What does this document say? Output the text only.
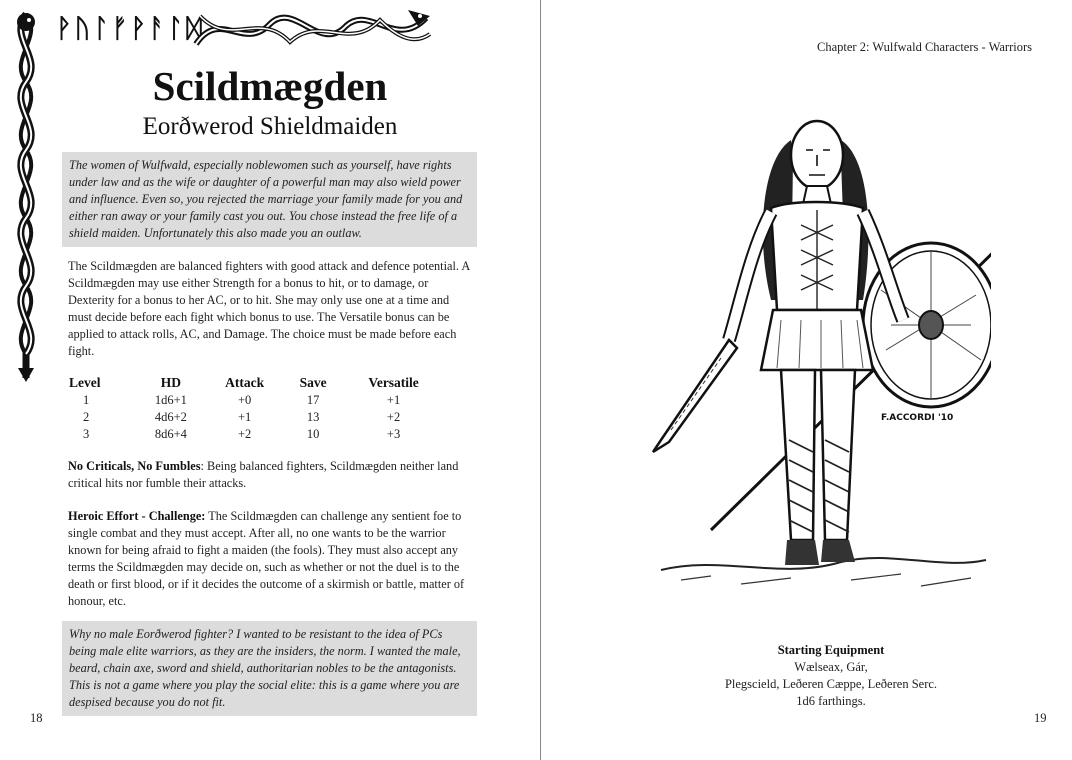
ᚹᚢᛚᚠᚹᚨᛚᛞ
Scildmægden
Eorðwerod Shieldmaiden
The women of Wulfwald, especially noblewomen such as yourself, have rights under law and as the wife or daughter of a powerful man may also wield power and influence. Even so, you rejected the marriage your family made for you and either ran away or your family cast you out. You chose instead the free life of a shield maiden. Unfortunately this also made you an outlaw.
The Scildmægden are balanced fighters with good attack and defence potential. A Scildmægden may use either Strength for a bonus to hit, or to damage, or Dexterity for a bonus to her AC, or to hit. She may only use one at a time and must decide before each fight which bonus to use. The Versatile bonus can be applied to attack rolls, AC, and Damage. The choice must be made before each fight.
Level	HD	Attack	Save	Versatile
1	1d6+1	+0	17	+1
2	4d6+2	+1	13	+2
3	8d6+4	+2	10	+3
No Criticals, No Fumbles: Being balanced fighters, Scildmægden neither land critical hits nor fumble their attacks.
Heroic Effort - Challenge: The Scildmægden can challenge any sentient foe to single combat and they must accept. After all, no one wants to be the warrior known for being afraid to fight a maiden (the fools). They must also accept any terms the Scildmægden may decide on, such as whether or not the duel is to the death or first blood, or if it decides the outcome of a skirmish or battle, matter of honour, etc.
Why no male Eorðwerod fighter? I wanted to be resistant to the idea of PCs being male elite warriors, as they are the insiders, the norm. I wanted the male, beard, chain axe, sword and shield, authoritarian nobles to be the antagonists. This is not a game where you play the social elite: this is a game where you are despised because you do not fit.
18
Chapter 2: Wulfwald Characters - Warriors
F.ACCORDI '10
Starting Equipment
Wælseax, Gár,
Plegscield, Leðeren Cæppe, Leðeren Serc.
1d6 farthings.
19
